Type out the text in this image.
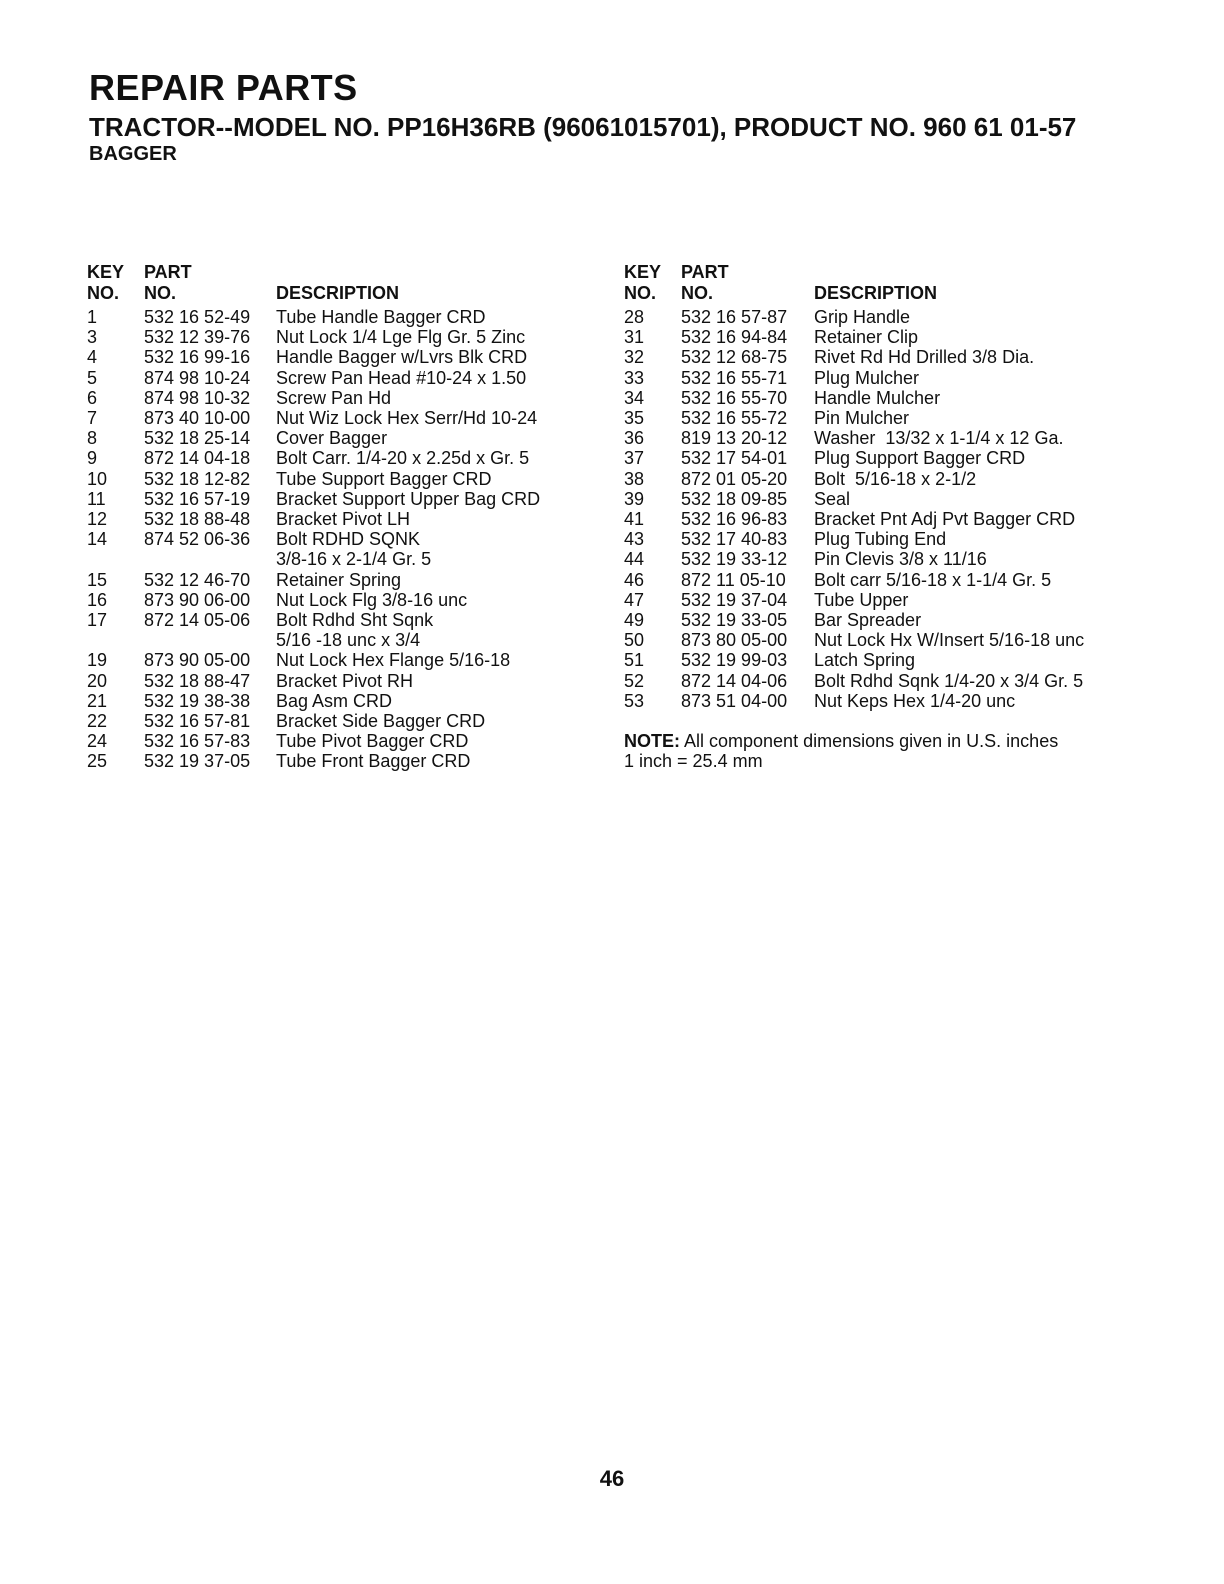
REPAIR PARTS
TRACTOR--MODEL NO. PP16H36RB (96061015701), PRODUCT NO. 960 61 01-57
BAGGER
KEY
NO.
PART
NO.	DESCRIPTION
1	532 16 52-49	Tube Handle Bagger CRD
3	532 12 39-76	Nut Lock 1/4 Lge Flg Gr. 5 Zinc
4	532 16 99-16	Handle Bagger w/Lvrs Blk CRD
5	874 98 10-24	Screw Pan Head #10-24 x 1.50
6	874 98 10-32	Screw Pan Hd
7	873 40 10-00	Nut Wiz Lock Hex Serr/Hd 10-24
8	532 18 25-14	Cover Bagger
9	872 14 04-18	Bolt Carr. 1/4-20 x 2.25d x Gr. 5
10	532 18 12-82	Tube Support Bagger CRD
11	532 16 57-19	Bracket Support Upper Bag CRD
12	532 18 88-48	Bracket Pivot LH
14	874 52 06-36	Bolt RDHD SQNK
3/8-16 x 2-1/4 Gr. 5
15	532 12 46-70	Retainer Spring
16	873 90 06-00	Nut Lock Flg 3/8-16 unc
17	872 14 05-06	Bolt Rdhd Sht Sqnk
5/16 -18 unc x 3/4
19	873 90 05-00	Nut Lock Hex Flange 5/16-18
20	532 18 88-47	Bracket Pivot RH
21	532 19 38-38	Bag Asm CRD
22	532 16 57-81	Bracket Side Bagger CRD
24	532 16 57-83	Tube Pivot Bagger CRD
25	532 19 37-05	Tube Front Bagger CRD
KEY
NO.
PART
NO.	DESCRIPTION
28	532 16 57-87	Grip Handle
31	532 16 94-84	Retainer Clip
32	532 12 68-75	Rivet Rd Hd Drilled 3/8 Dia.
33	532 16 55-71	Plug Mulcher
34	532 16 55-70	Handle Mulcher
35	532 16 55-72	Pin Mulcher
36	819 13 20-12	Washer  13/32 x 1-1/4 x 12 Ga.
37	532 17 54-01	Plug Support Bagger CRD
38	872 01 05-20	Bolt  5/16-18 x 2-1/2
39	532 18 09-85	Seal
41	532 16 96-83	Bracket Pnt Adj Pvt Bagger CRD
43	532 17 40-83	Plug Tubing End
44	532 19 33-12	Pin Clevis 3/8 x 11/16
46	872 11 05-10	Bolt carr 5/16-18 x 1-1/4 Gr. 5
47	532 19 37-04	Tube Upper
49	532 19 33-05	Bar Spreader
50	873 80 05-00	Nut Lock Hx W/Insert 5/16-18 unc
51	532 19 99-03	Latch Spring
52	872 14 04-06	Bolt Rdhd Sqnk 1/4-20 x 3/4 Gr. 5
53	873 51 04-00	Nut Keps Hex 1/4-20 unc
NOTE: All component dimensions given in U.S. inches
1 inch = 25.4 mm
46
